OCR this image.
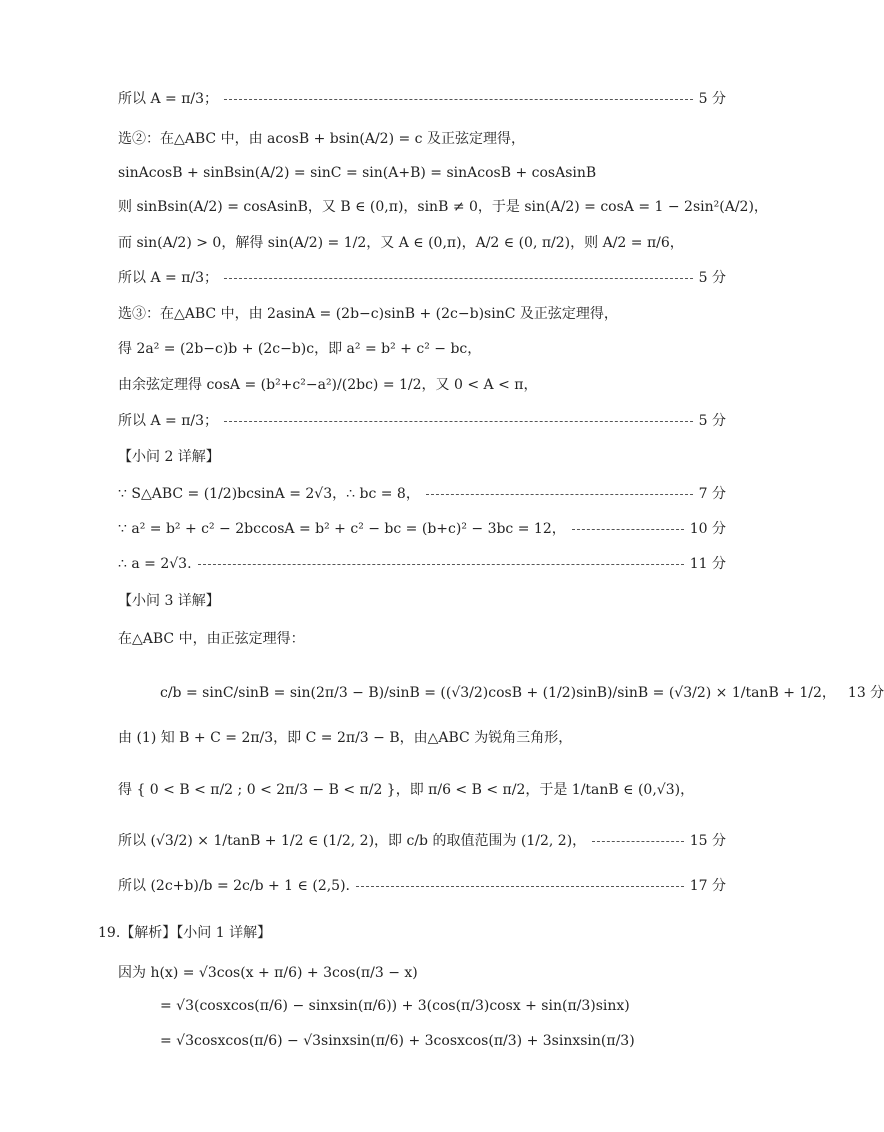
所以 A = π/3；	5 分
选②：在△ABC 中，由 acosB + bsin(A/2) = c 及正弦定理得，
sinAcosB + sinBsin(A/2) = sinC = sin(A+B) = sinAcosB + cosAsinB
则 sinBsin(A/2) = cosAsinB，又 B ∈ (0,π)，sinB ≠ 0，于是 sin(A/2) = cosA = 1 − 2sin²(A/2)，
而 sin(A/2) > 0，解得 sin(A/2) = 1/2，又 A ∈ (0,π)，A/2 ∈ (0, π/2)，则 A/2 = π/6，
所以 A = π/3；	5 分
选③：在△ABC 中，由 2asinA = (2b−c)sinB + (2c−b)sinC 及正弦定理得，
得 2a² = (2b−c)b + (2c−b)c，即 a² = b² + c² − bc，
由余弦定理得 cosA = (b²+c²−a²)/(2bc) = 1/2，又 0 < A < π，
所以 A = π/3；	5 分
【小问 2 详解】
∵ S△ABC = (1/2)bcsinA = 2√3，∴ bc = 8，	7 分
∵ a² = b² + c² − 2bccosA = b² + c² − bc = (b+c)² − 3bc = 12，	10 分
∴ a = 2√3.	11 分
【小问 3 详解】
在△ABC 中，由正弦定理得：
c/b = sinC/sinB = sin(2π/3 − B)/sinB = ((√3/2)cosB + (1/2)sinB)/sinB = (√3/2) × 1/tanB + 1/2， 13 分
由 (1) 知 B + C = 2π/3，即 C = 2π/3 − B，由△ABC 为锐角三角形，
得 { 0 < B < π/2 ; 0 < 2π/3 − B < π/2 }，即 π/6 < B < π/2，于是 1/tanB ∈ (0,√3)，
所以 (√3/2) × 1/tanB + 1/2 ∈ (1/2, 2)，即 c/b 的取值范围为 (1/2, 2)，	15 分
所以 (2c+b)/b = 2c/b + 1 ∈ (2,5).	17 分
19.【解析】【小问 1 详解】
因为 h(x) = √3cos(x + π/6) + 3cos(π/3 − x)
= √3(cosxcos(π/6) − sinxsin(π/6)) + 3(cos(π/3)cosx + sin(π/3)sinx)
= √3cosxcos(π/6) − √3sinxsin(π/6) + 3cosxcos(π/3) + 3sinxsin(π/3)
